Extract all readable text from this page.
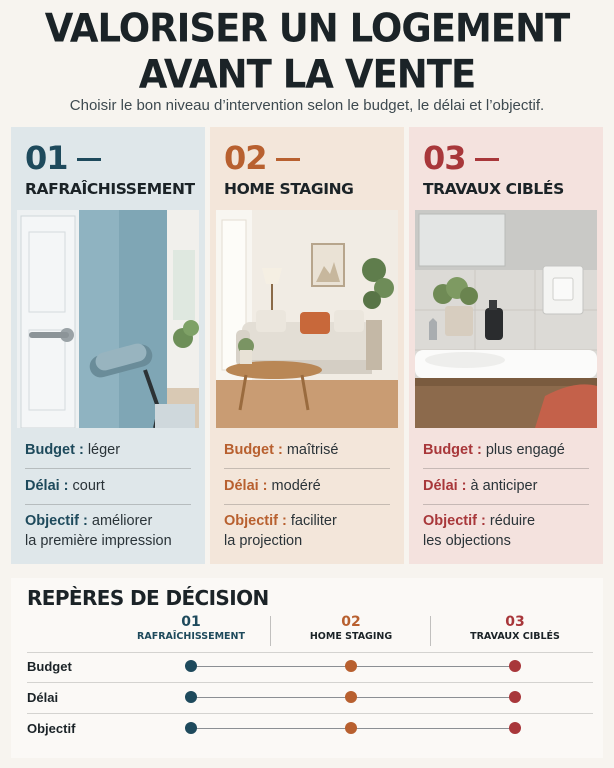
VALORISER UN LOGEMENT
AVANT LA VENTE
Choisir le bon niveau d’intervention selon le budget, le délai et l’objectif.
01
RAFRAÎCHISSEMENT
Budget : léger
Délai : court
Objectif : améliorer
la première impression
02
HOME STAGING
Budget : maîtrisé
Délai : modéré
Objectif : faciliter
la projection
03
TRAVAUX CIBLÉS
Budget : plus engagé
Délai : à anticiper
Objectif : réduire
les objections
REPÈRES DE DÉCISION
01
RAFRAÎCHISSEMENT
02
HOME STAGING
03
TRAVAUX CIBLÉS
Budget
Délai
Objectif
